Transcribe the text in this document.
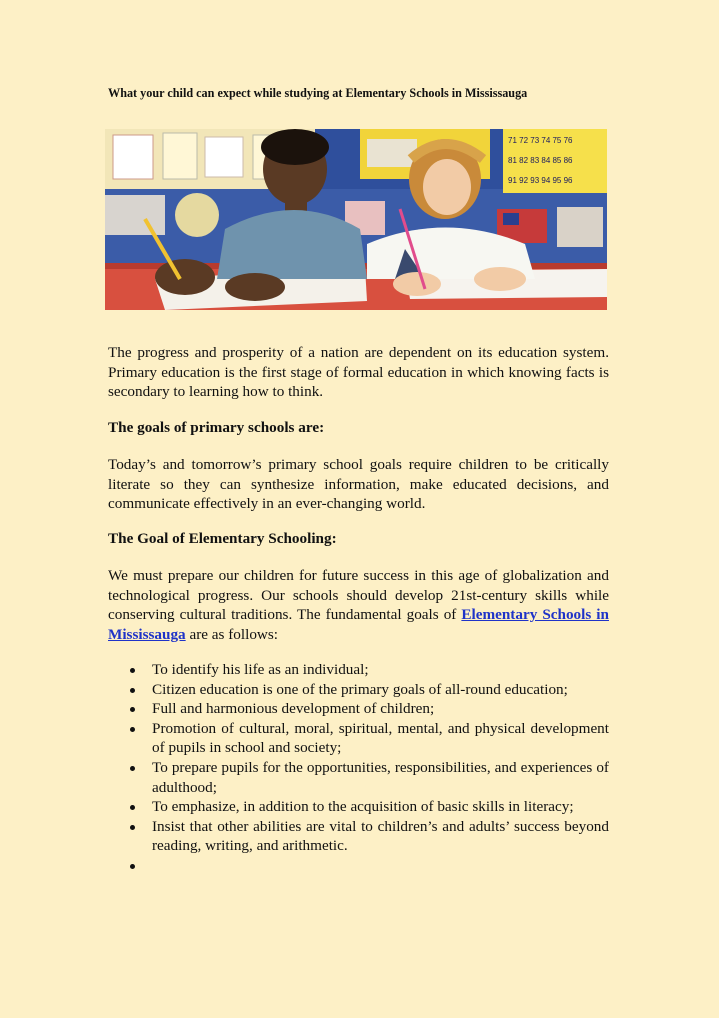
What your child can expect while studying at Elementary Schools in Mississauga
71 72 73 74 75 76
81 82 83 84 85 86
91 92 93 94 95 96

The progress and prosperity of a nation are dependent on its education system. Primary education is the first stage of formal education in which knowing facts is secondary to learning how to think.

The goals of primary schools are:

Today’s and tomorrow’s primary school goals require children to be critically literate so they can synthesize information, make educated decisions, and communicate effectively in an ever-changing world.

The Goal of Elementary Schooling:

We must prepare our children for future success in this age of globalization and technological progress. Our schools should develop 21st-century skills while conserving cultural traditions. The fundamental goals of Elementary Schools in Mississauga are as follows:

To identify his life as an individual;
Citizen education is one of the primary goals of all-round education;
Full and harmonious development of children;
Promotion of cultural, moral, spiritual, mental, and physical development of pupils in school and society;
To prepare pupils for the opportunities, responsibilities, and experiences of adulthood;
To emphasize, in addition to the acquisition of basic skills in literacy;
Insist that other abilities are vital to children’s and adults’ success beyond reading, writing, and arithmetic.
